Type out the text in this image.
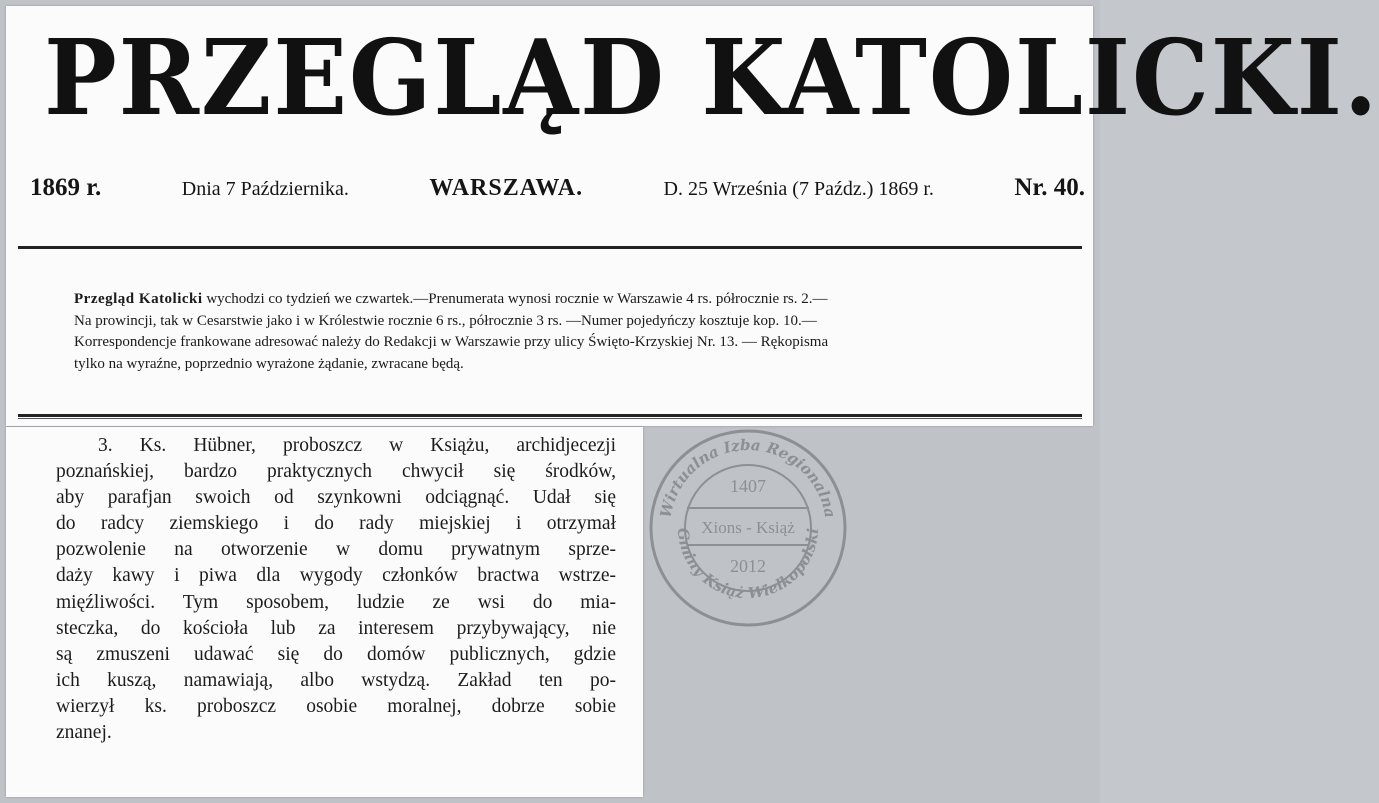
PRZEGLĄD KATOLICKI.
1869 r.	Dnia 7 Października.	WARSZAWA.	D. 25 Września (7 Paźdz.) 1869 r.	Nr. 40.
Przegląd Katolicki wychodzi co tydzień we czwartek.—Prenumerata wynosi rocznie w Warszawie 4 rs. półrocznie rs. 2.—
Na prowincji, tak w Cesarstwie jako i w Królestwie rocznie 6 rs., półrocznie 3 rs. —Numer pojedyńczy kosztuje kop. 10.—
Korrespondencje frankowane adresować należy do Redakcji w Warszawie przy ulicy Święto-Krzyskiej Nr. 13. — Rękopisma
tylko na wyraźne, poprzednio wyrażone żądanie, zwracane będą.
3. Ks. Hübner, proboszcz w Książu, archidjecezji
poznańskiej, bardzo praktycznych chwycił się środków,
aby parafjan swoich od szynkowni odciągnąć. Udał się
do radcy ziemskiego i do rady miejskiej i otrzymał
pozwolenie na otworzenie w domu prywatnym sprze-
daży kawy i piwa dla wygody członków bractwa wstrze-
mięźliwości. Tym sposobem, ludzie ze wsi do mia-
steczka, do kościoła lub za interesem przybywający, nie
są zmuszeni udawać się do domów publicznych, gdzie
ich kuszą, namawiają, albo wstydzą. Zakład ten po-
wierzył ks. proboszcz osobie moralnej, dobrze sobie
znanej.
Wirtualna Izba Regionalna
Gminy Książ Wielkopolski
1407
Xions - Książ
2012
